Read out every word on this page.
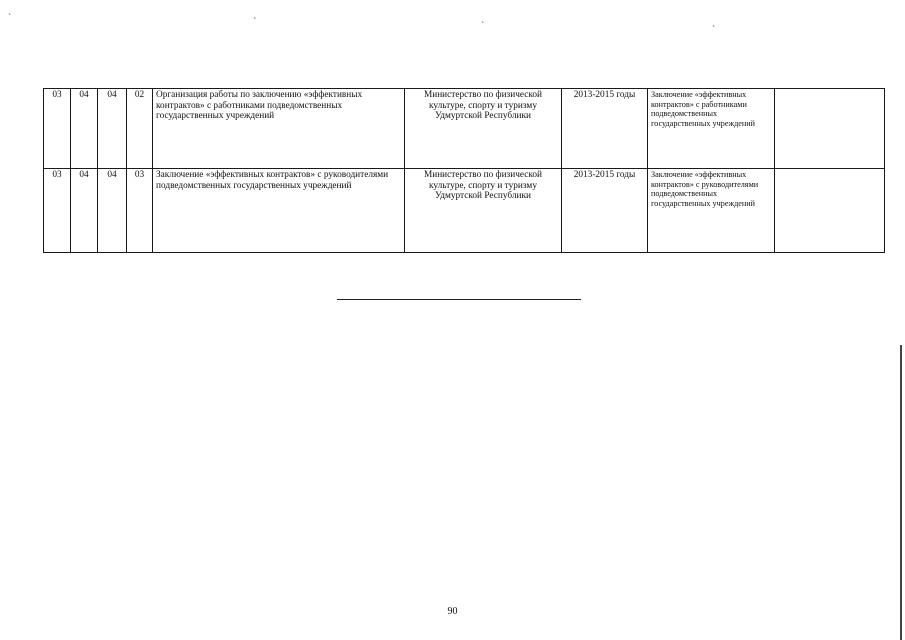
`	`	`	`
03	04	04	02	Организация работы по заключению «эффективных контрактов» с работниками подведомственных государственных учреждений	Министерство по физической культуре, спорту и туризму Удмуртской Республики	2013-2015 годы	Заключение «эффективных контрактов» с работниками подведомственных государственных учреждений	
03	04	04	03	Заключение «эффективных контрактов» с руководителями подведомственных государственных учреждений	Министерство по физической культуре, спорту и туризму Удмуртской Республики	2013-2015 годы	Заключение «эффективных контрактов» с руководителями подведомственных государственных учреждений	
90
